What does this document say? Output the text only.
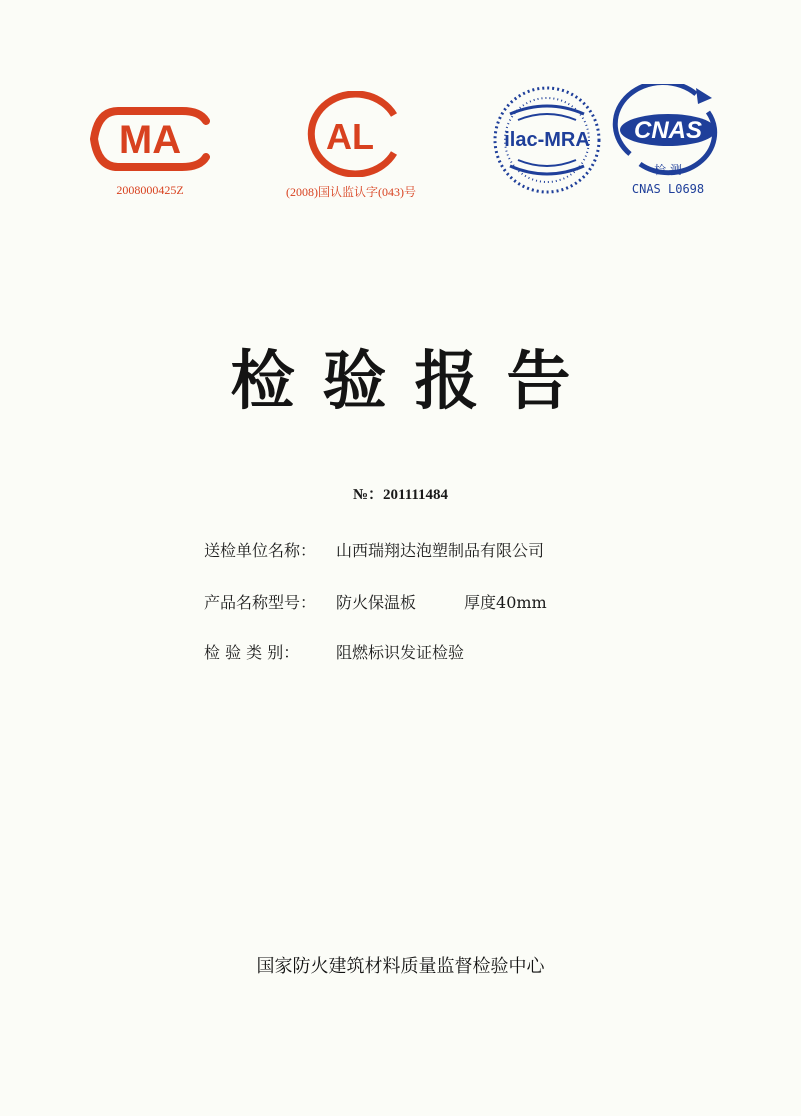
MA
2008000425Z
AL
(2008)国认监认字(043)号
ilac-MRA CNAS
检 测
CNAS L0698
检验报告
№：201111484
送检单位名称： 山西瑞翔达泡塑制品有限公司
产品名称型号： 防火保温板	厚度40mm
检 验 类 别： 阻燃标识发证检验
国家防火建筑材料质量监督检验中心
